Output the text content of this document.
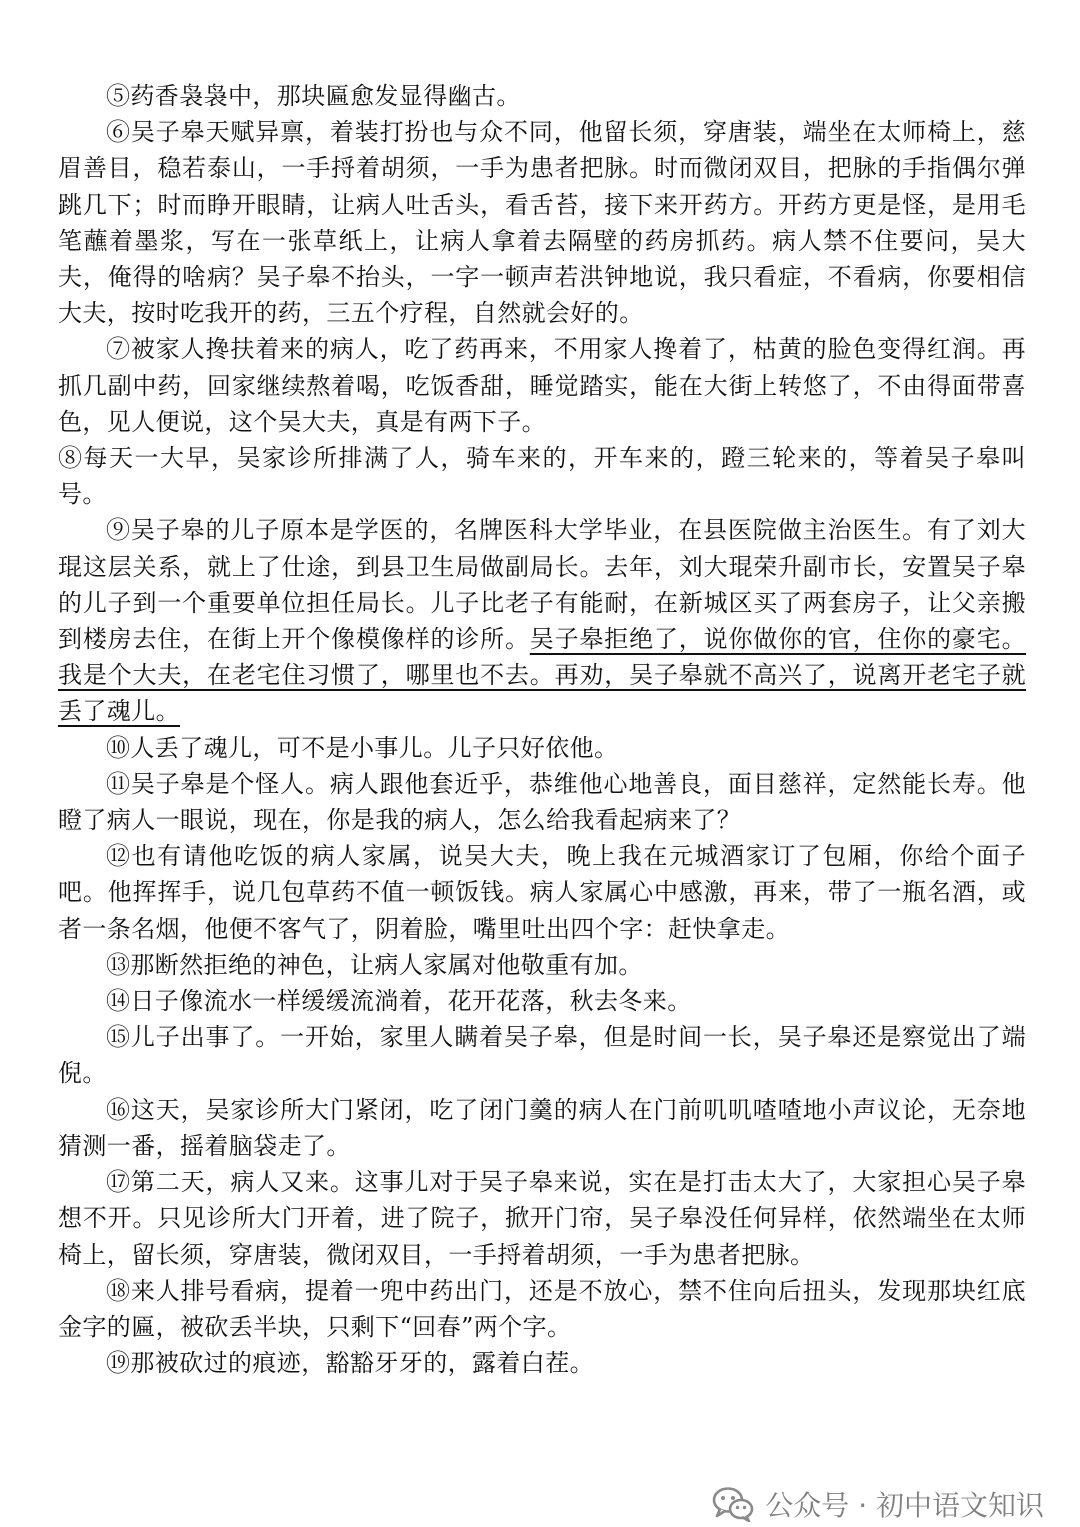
⑤药香袅袅中，那块匾愈发显得幽古。

⑥吴子皋天赋异禀，着装打扮也与众不同，他留长须，穿唐装，端坐在太师椅上，慈眉善目，稳若泰山，一手捋着胡须，一手为患者把脉。时而微闭双目，把脉的手指偶尔弹跳几下；时而睁开眼睛，让病人吐舌头，看舌苔，接下来开药方。开药方更是怪，是用毛笔蘸着墨浆，写在一张草纸上，让病人拿着去隔壁的药房抓药。病人禁不住要问，吴大夫，俺得的啥病？吴子皋不抬头，一字一顿声若洪钟地说，我只看症，不看病，你要相信大夫，按时吃我开的药，三五个疗程，自然就会好的。

⑦被家人搀扶着来的病人，吃了药再来，不用家人搀着了，枯黄的脸色变得红润。再抓几副中药，回家继续熬着喝，吃饭香甜，睡觉踏实，能在大街上转悠了，不由得面带喜色，见人便说，这个吴大夫，真是有两下子。

⑧每天一大早，吴家诊所排满了人，骑车来的，开车来的，蹬三轮来的，等着吴子皋叫号。

⑨吴子皋的儿子原本是学医的，名牌医科大学毕业，在县医院做主治医生。有了刘大琨这层关系，就上了仕途，到县卫生局做副局长。去年，刘大琨荣升副市长，安置吴子皋的儿子到一个重要单位担任局长。儿子比老子有能耐，在新城区买了两套房子，让父亲搬到楼房去住，在街上开个像模像样的诊所。吴子皋拒绝了，说你做你的官，住你的豪宅。我是个大夫，在老宅住习惯了，哪里也不去。再劝，吴子皋就不高兴了，说离开老宅子就丢了魂儿。

⑩人丢了魂儿，可不是小事儿。儿子只好依他。

⑪吴子皋是个怪人。病人跟他套近乎，恭维他心地善良，面目慈祥，定然能长寿。他瞪了病人一眼说，现在，你是我的病人，怎么给我看起病来了？

⑫也有请他吃饭的病人家属，说吴大夫，晚上我在元城酒家订了包厢，你给个面子吧。他挥挥手，说几包草药不值一顿饭钱。病人家属心中感激，再来，带了一瓶名酒，或者一条名烟，他便不客气了，阴着脸，嘴里吐出四个字：赶快拿走。

⑬那断然拒绝的神色，让病人家属对他敬重有加。

⑭日子像流水一样缓缓流淌着，花开花落，秋去冬来。

⑮儿子出事了。一开始，家里人瞒着吴子皋，但是时间一长，吴子皋还是察觉出了端倪。

⑯这天，吴家诊所大门紧闭，吃了闭门羹的病人在门前叽叽喳喳地小声议论，无奈地猜测一番，摇着脑袋走了。

⑰第二天，病人又来。这事儿对于吴子皋来说，实在是打击太大了，大家担心吴子皋想不开。只见诊所大门开着，进了院子，掀开门帘，吴子皋没任何异样，依然端坐在太师椅上，留长须，穿唐装，微闭双目，一手捋着胡须，一手为患者把脉。

⑱来人排号看病，提着一兜中药出门，还是不放心，禁不住向后扭头，发现那块红底金字的匾，被砍丢半块，只剩下“回春”两个字。

⑲那被砍过的痕迹，豁豁牙牙的，露着白茬。

公众号 · 初中语文知识
